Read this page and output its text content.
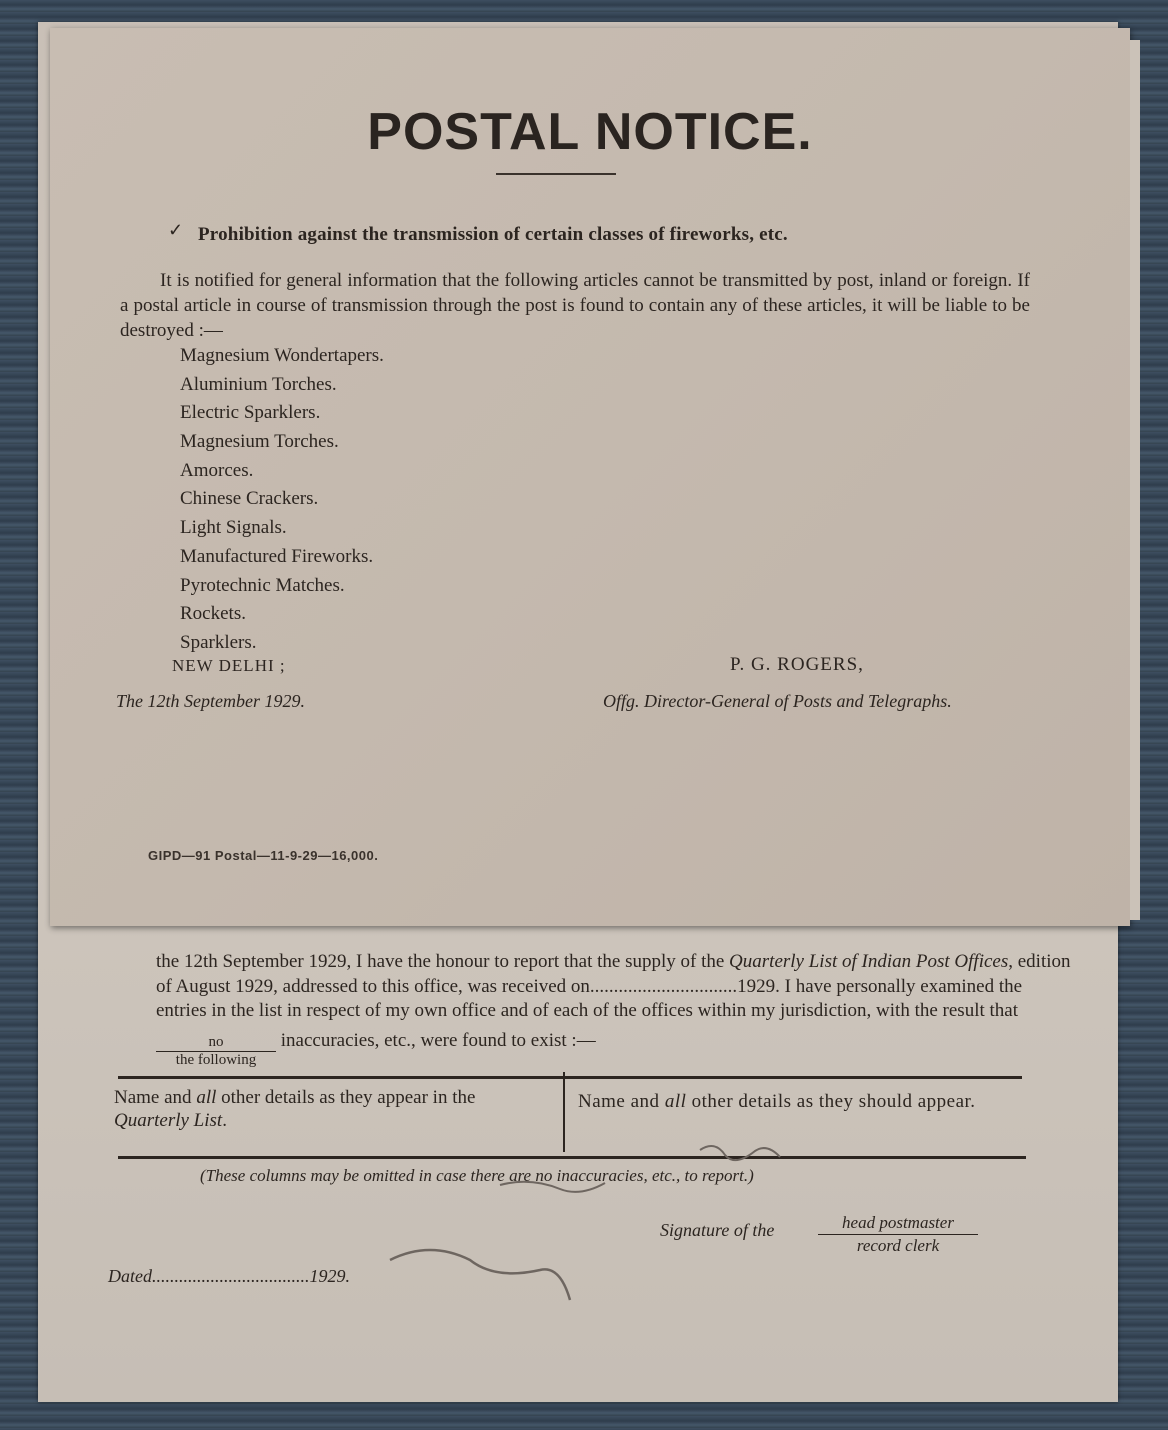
the 12th September 1929, I have the honour to report that the supply of the Quarterly List of Indian Post Offices, edition of August 1929, addressed to this office, was received on...............................1929. I have personally examined the entries in the list in respect of my own office and of each of the offices within my jurisdiction, with the result that
$\frac{no}{\text{the following}}$ inaccuracies, etc., were found to exist :—
Name and all other details as they appear in the Quarterly List.
Name and all other details as they should appear.
(These columns may be omitted in case there are no inaccuracies, etc., to report.)
Signature of the	head postmaster
record clerk
Dated...................................1929.
POSTAL NOTICE.
✓ Prohibition against the transmission of certain classes of fireworks, etc.
It is notified for general information that the following articles cannot be transmitted by post, inland or foreign. If a postal article in course of transmission through the post is found to contain any of these articles, it will be liable to be destroyed :—
Magnesium Wondertapers.
Aluminium Torches.
Electric Sparklers.
Magnesium Torches.
Amorces.
Chinese Crackers.
Light Signals.
Manufactured Fireworks.
Pyrotechnic Matches.
Rockets.
Sparklers.
NEW DELHI ;
The 12th September 1929.
P. G. ROGERS,
Offg. Director-General of Posts and Telegraphs.
GIPD—91 Postal—11-9-29—16,000.
